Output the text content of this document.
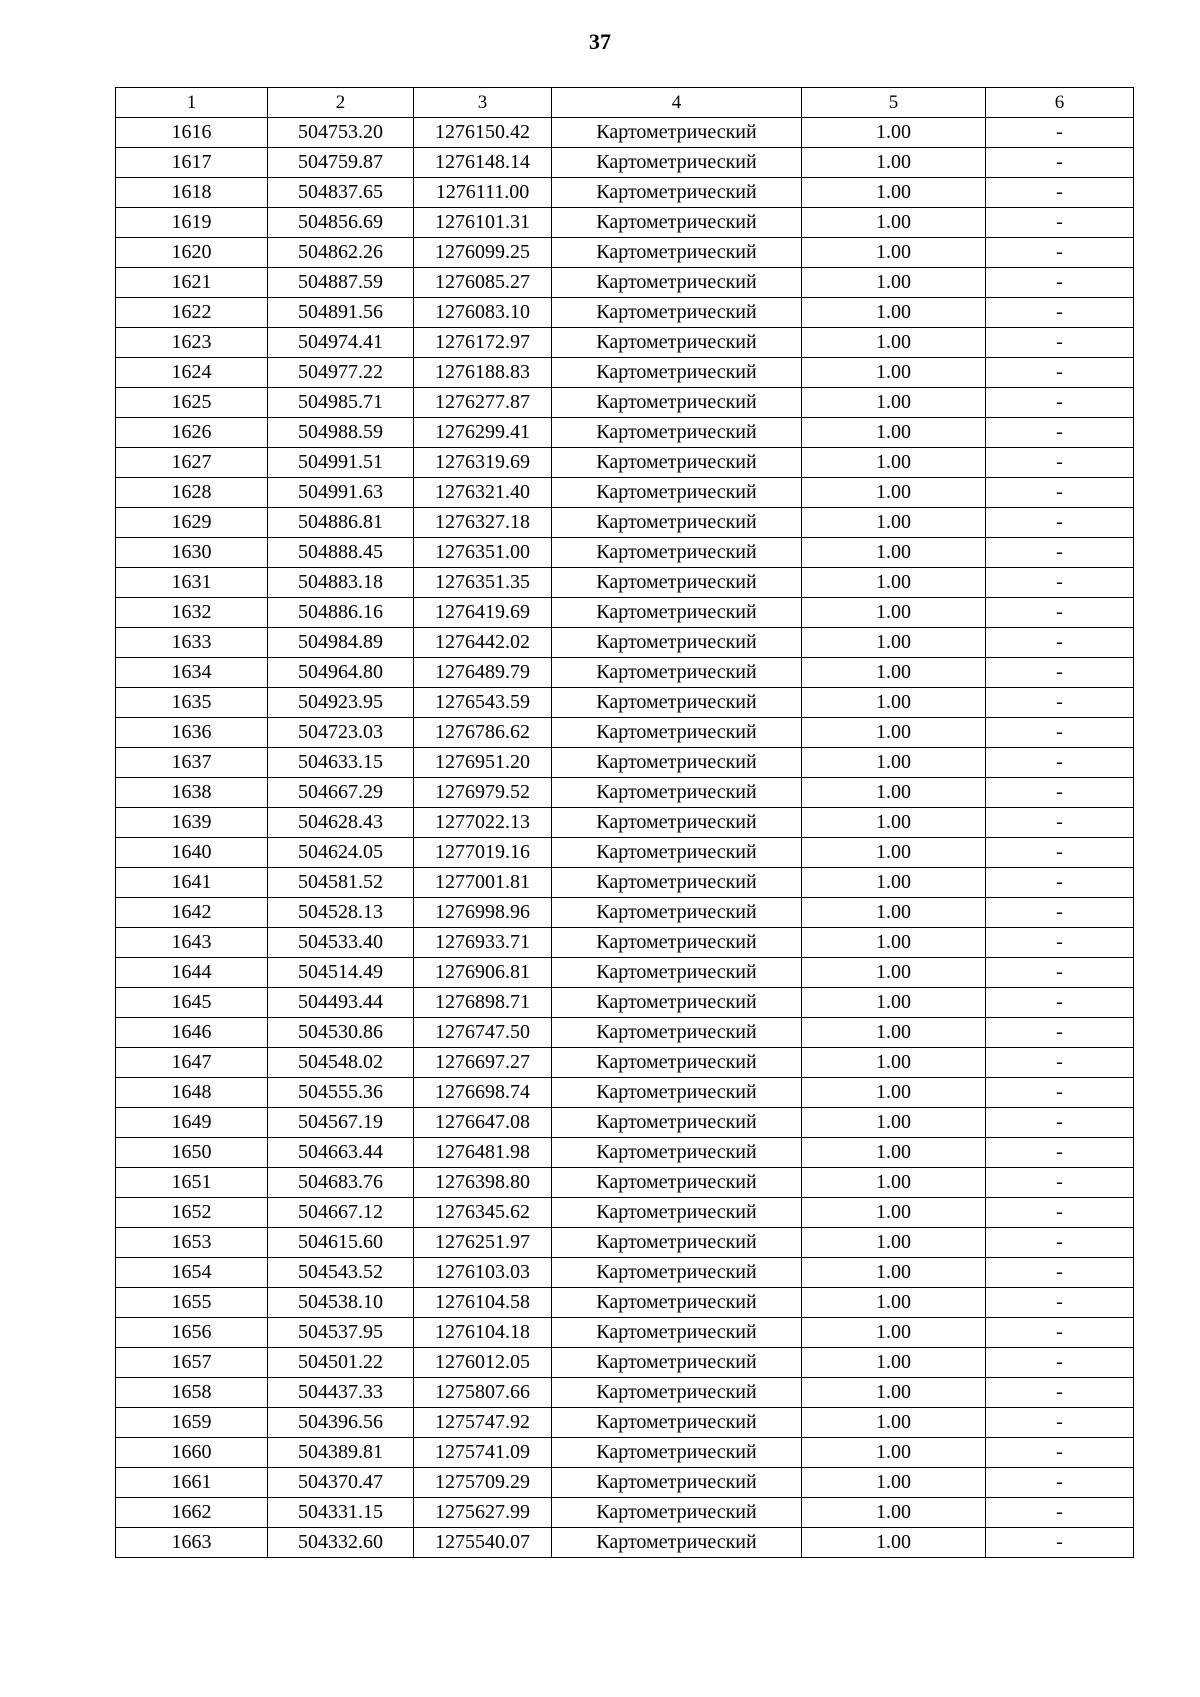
37
1	2	3	4	5	6
1616	504753.20	1276150.42	Картометрический	1.00	-
1617	504759.87	1276148.14	Картометрический	1.00	-
1618	504837.65	1276111.00	Картометрический	1.00	-
1619	504856.69	1276101.31	Картометрический	1.00	-
1620	504862.26	1276099.25	Картометрический	1.00	-
1621	504887.59	1276085.27	Картометрический	1.00	-
1622	504891.56	1276083.10	Картометрический	1.00	-
1623	504974.41	1276172.97	Картометрический	1.00	-
1624	504977.22	1276188.83	Картометрический	1.00	-
1625	504985.71	1276277.87	Картометрический	1.00	-
1626	504988.59	1276299.41	Картометрический	1.00	-
1627	504991.51	1276319.69	Картометрический	1.00	-
1628	504991.63	1276321.40	Картометрический	1.00	-
1629	504886.81	1276327.18	Картометрический	1.00	-
1630	504888.45	1276351.00	Картометрический	1.00	-
1631	504883.18	1276351.35	Картометрический	1.00	-
1632	504886.16	1276419.69	Картометрический	1.00	-
1633	504984.89	1276442.02	Картометрический	1.00	-
1634	504964.80	1276489.79	Картометрический	1.00	-
1635	504923.95	1276543.59	Картометрический	1.00	-
1636	504723.03	1276786.62	Картометрический	1.00	-
1637	504633.15	1276951.20	Картометрический	1.00	-
1638	504667.29	1276979.52	Картометрический	1.00	-
1639	504628.43	1277022.13	Картометрический	1.00	-
1640	504624.05	1277019.16	Картометрический	1.00	-
1641	504581.52	1277001.81	Картометрический	1.00	-
1642	504528.13	1276998.96	Картометрический	1.00	-
1643	504533.40	1276933.71	Картометрический	1.00	-
1644	504514.49	1276906.81	Картометрический	1.00	-
1645	504493.44	1276898.71	Картометрический	1.00	-
1646	504530.86	1276747.50	Картометрический	1.00	-
1647	504548.02	1276697.27	Картометрический	1.00	-
1648	504555.36	1276698.74	Картометрический	1.00	-
1649	504567.19	1276647.08	Картометрический	1.00	-
1650	504663.44	1276481.98	Картометрический	1.00	-
1651	504683.76	1276398.80	Картометрический	1.00	-
1652	504667.12	1276345.62	Картометрический	1.00	-
1653	504615.60	1276251.97	Картометрический	1.00	-
1654	504543.52	1276103.03	Картометрический	1.00	-
1655	504538.10	1276104.58	Картометрический	1.00	-
1656	504537.95	1276104.18	Картометрический	1.00	-
1657	504501.22	1276012.05	Картометрический	1.00	-
1658	504437.33	1275807.66	Картометрический	1.00	-
1659	504396.56	1275747.92	Картометрический	1.00	-
1660	504389.81	1275741.09	Картометрический	1.00	-
1661	504370.47	1275709.29	Картометрический	1.00	-
1662	504331.15	1275627.99	Картометрический	1.00	-
1663	504332.60	1275540.07	Картометрический	1.00	-
